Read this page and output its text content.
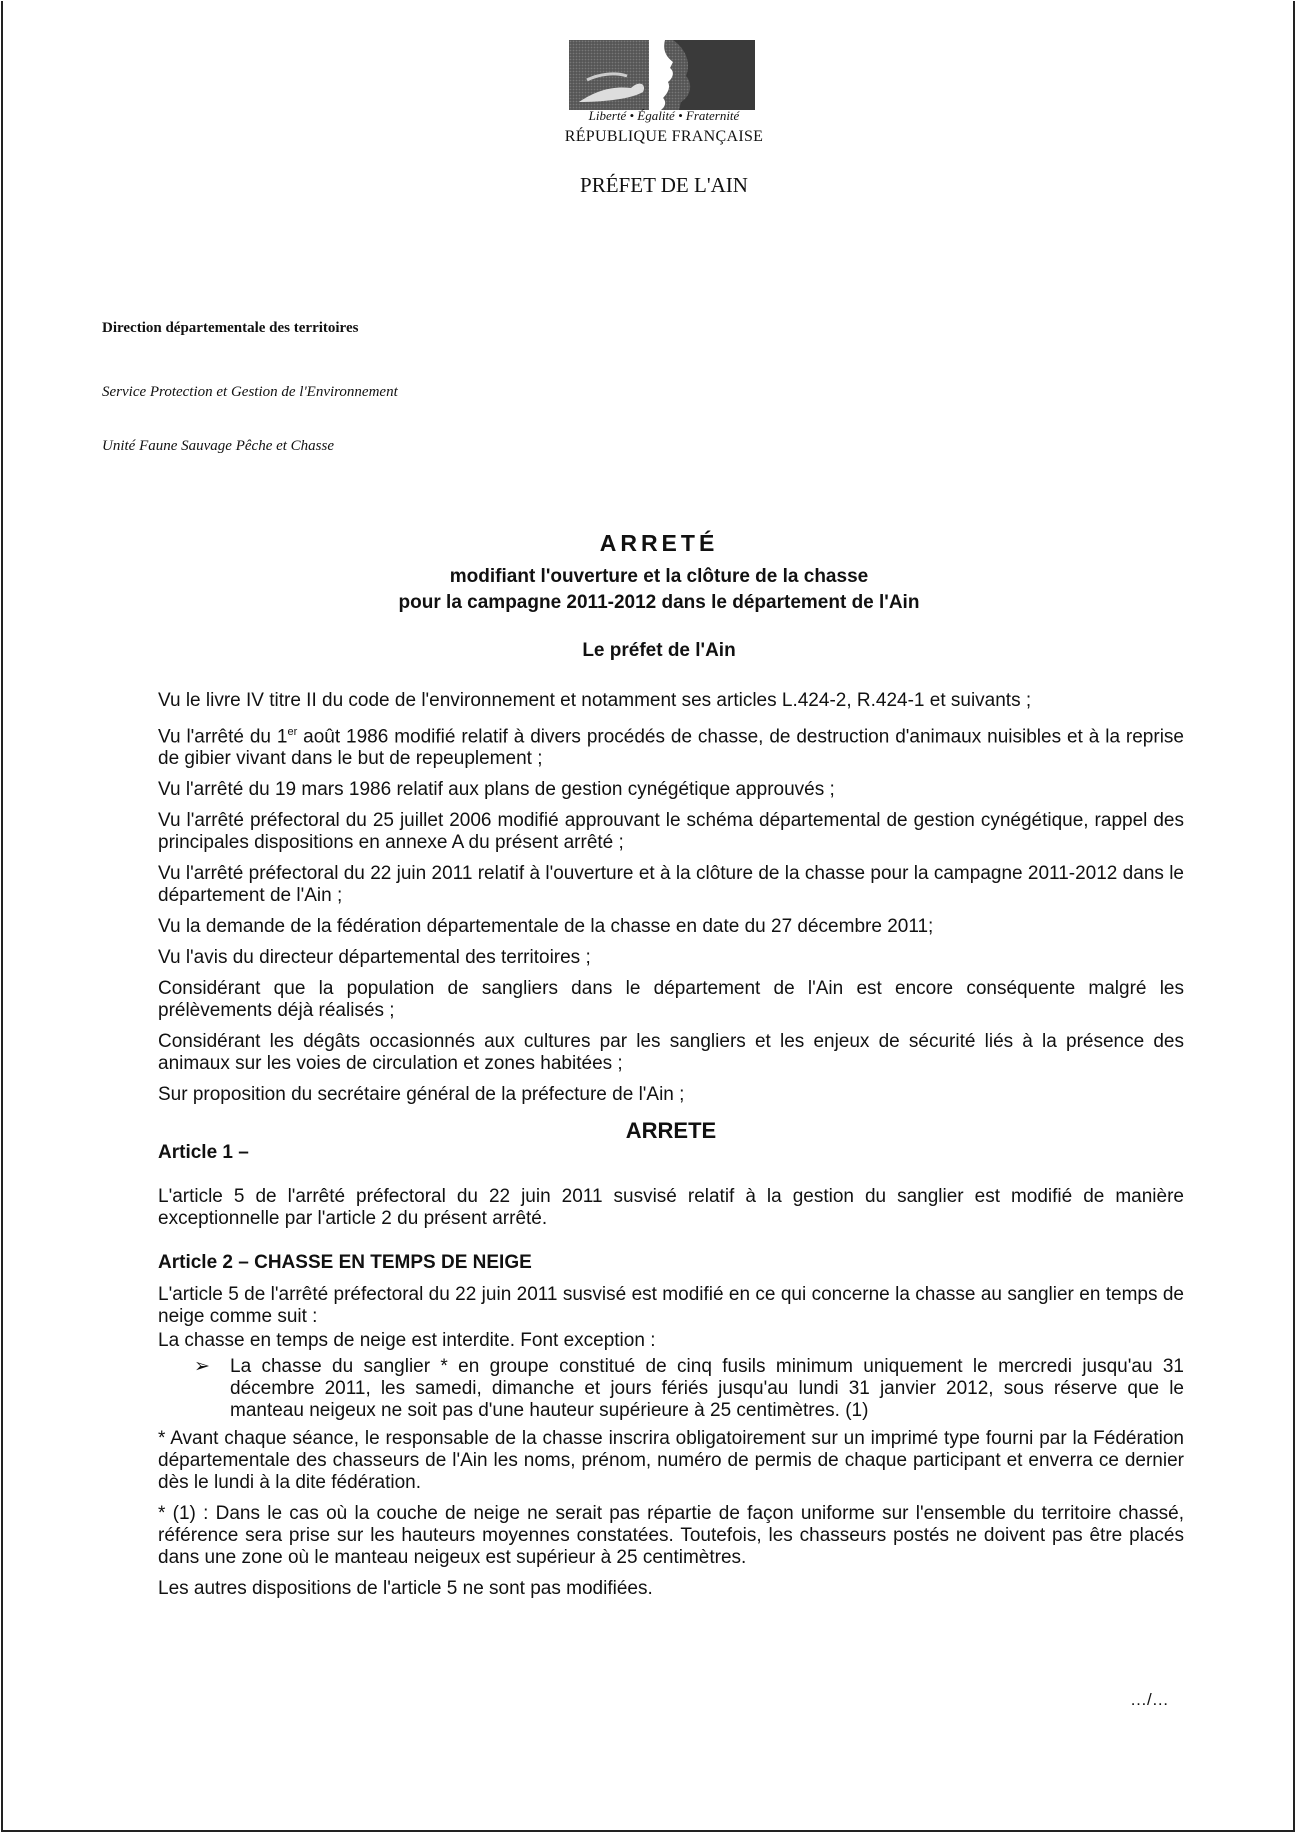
Liberté • Égalité • Fraternité
RÉPUBLIQUE FRANÇAISE
PRÉFET DE L'AIN
Direction départementale des territoires
Service Protection et Gestion de l'Environnement
Unité Faune Sauvage Pêche et Chasse
ARRETÉ
modifiant l'ouverture et la clôture de la chasse
pour la campagne 2011-2012 dans le département de l'Ain
Le préfet de l'Ain

Vu le livre IV titre II du code de l'environnement et notamment ses articles L.424-2, R.424-1 et suivants ;

Vu l'arrêté du 1er août 1986 modifié relatif à divers procédés de chasse, de destruction d'animaux nuisibles et à la reprise de gibier vivant dans le but de repeuplement ;

Vu l'arrêté du 19 mars 1986 relatif aux plans de gestion cynégétique approuvés ;

Vu l'arrêté préfectoral du 25 juillet 2006 modifié approuvant le schéma départemental de gestion cynégétique, rappel des principales dispositions en annexe A du présent arrêté ;

Vu l'arrêté préfectoral du 22 juin 2011 relatif à l'ouverture et à la clôture de la chasse pour la campagne 2011-2012 dans le département de l'Ain ;

Vu la demande de la fédération départementale de la chasse en date du 27 décembre 2011;

Vu l'avis du directeur départemental des territoires ;

Considérant que la population de sangliers dans le département de l'Ain est encore conséquente malgré les prélèvements déjà réalisés ;

Considérant les dégâts occasionnés aux cultures par les sangliers et les enjeux de sécurité liés à la présence des animaux sur les voies de circulation et zones habitées ;

Sur proposition du secrétaire général de la préfecture de l'Ain ;

ARRETE

Article 1 –

L'article 5 de l'arrêté préfectoral du 22 juin 2011 susvisé relatif à la gestion du sanglier est modifié de manière exceptionnelle par l'article 2 du présent arrêté.

Article 2 – CHASSE EN TEMPS DE NEIGE

L'article 5 de l'arrêté préfectoral du 22 juin 2011 susvisé est modifié en ce qui concerne la chasse au sanglier en temps de neige comme suit :

La chasse en temps de neige est interdite. Font exception :

➢	La chasse du sanglier * en groupe constitué de cinq fusils minimum uniquement le mercredi jusqu'au 31 décembre 2011, les samedi, dimanche et jours fériés jusqu'au lundi 31 janvier 2012, sous réserve que le manteau neigeux ne soit pas d'une hauteur supérieure à 25 centimètres. (1)

* Avant chaque séance, le responsable de la chasse inscrira obligatoirement sur un imprimé type fourni par la Fédération départementale des chasseurs de l'Ain les noms, prénom, numéro de permis de chaque participant et enverra ce dernier dès le lundi à la dite fédération.

* (1) : Dans le cas où la couche de neige ne serait pas répartie de façon uniforme sur l'ensemble du territoire chassé, référence sera prise sur les hauteurs moyennes constatées. Toutefois, les chasseurs postés ne doivent pas être placés dans une zone où le manteau neigeux est supérieur à 25 centimètres.

Les autres dispositions de l'article 5 ne sont pas modifiées.

…/…
